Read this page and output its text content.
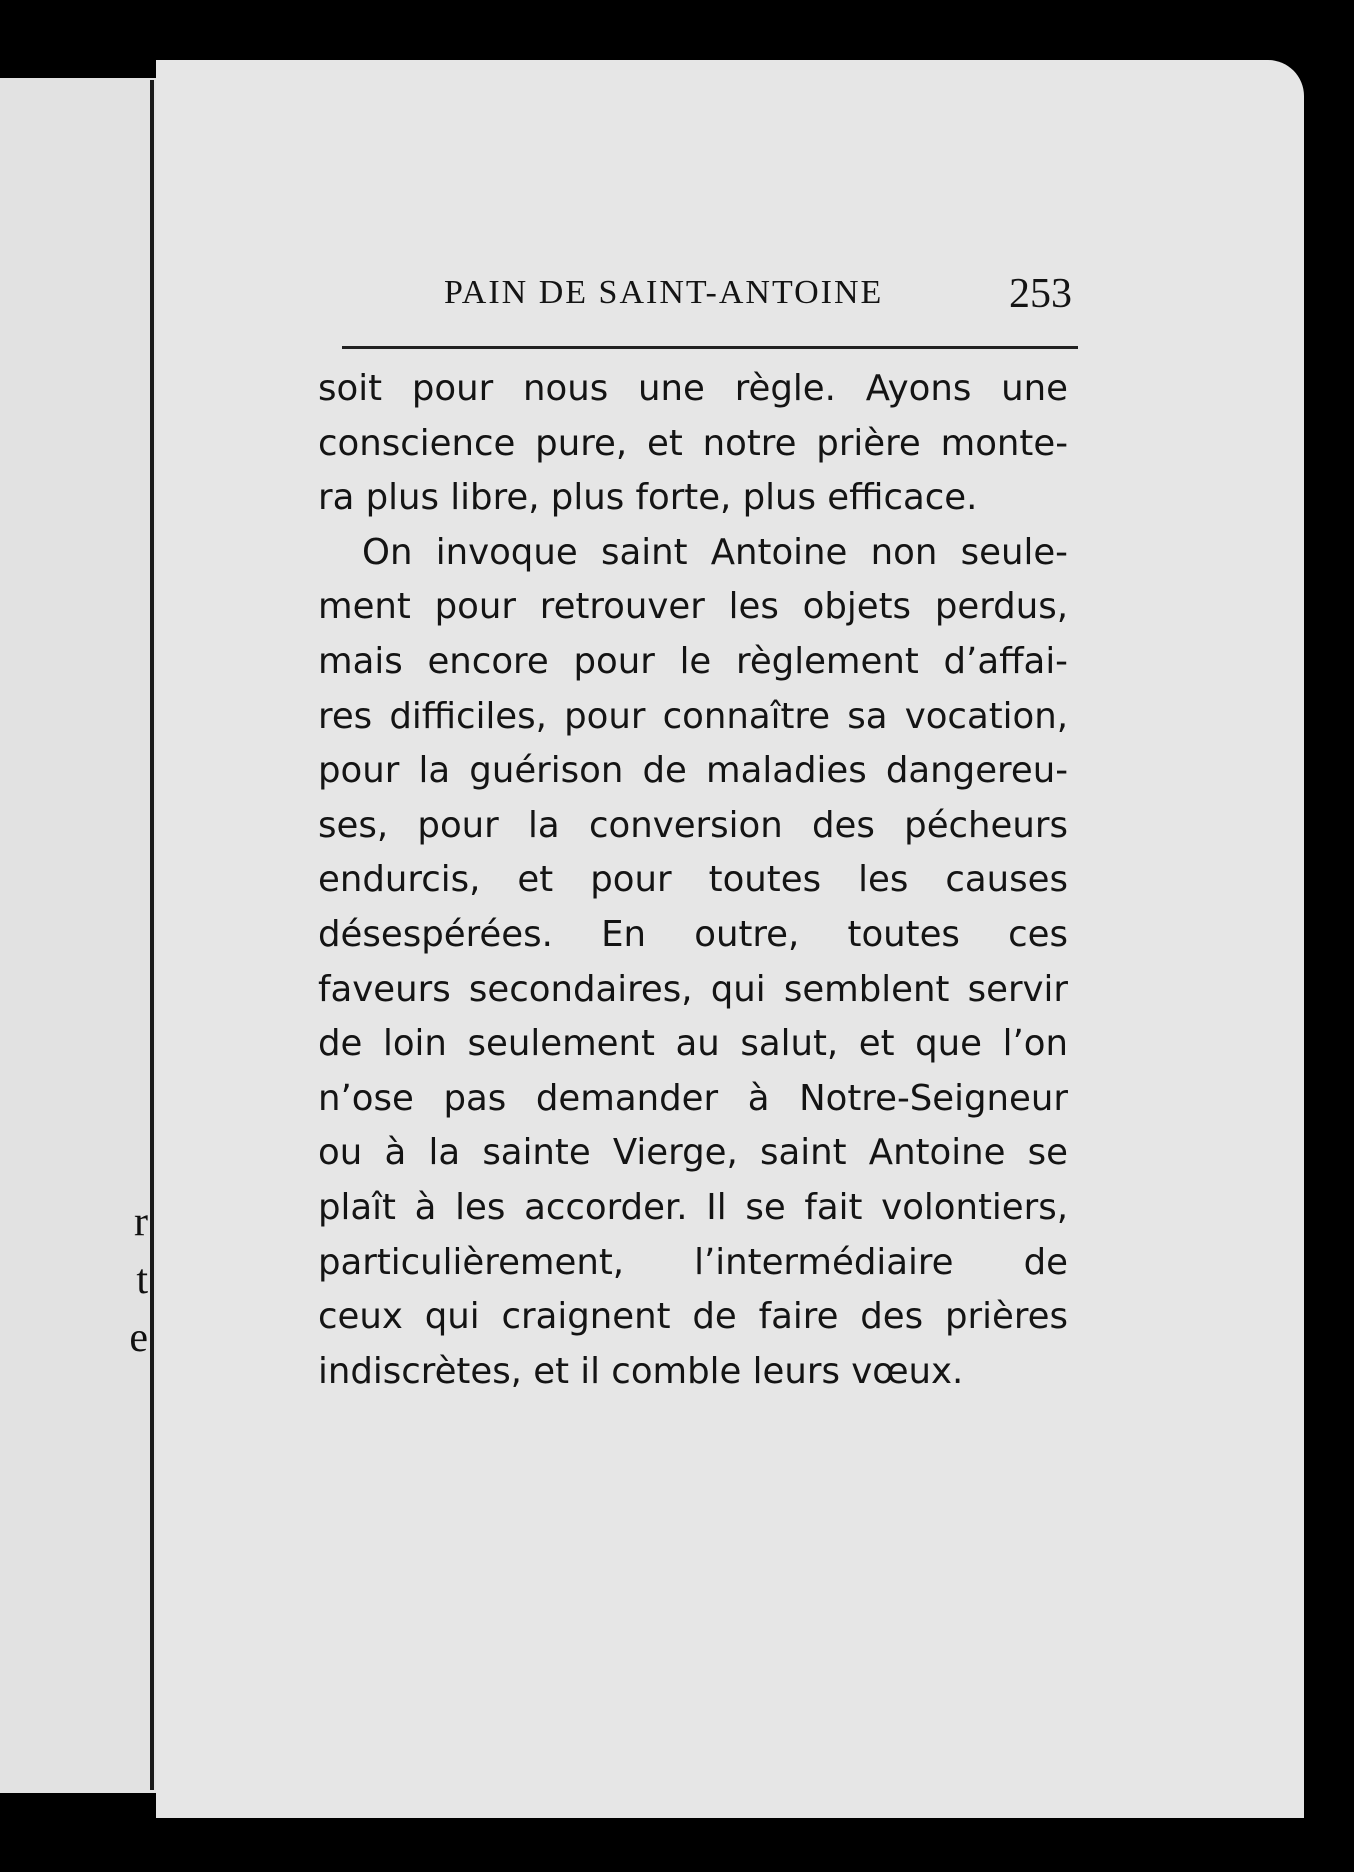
r
t
e
PAIN DE SAINT-ANTOINE	253

soit pour nous une règle. Ayons une
conscience pure, et notre prière monte-
ra plus libre, plus forte, plus efficace.

On invoque saint Antoine non seule-
ment pour retrouver les objets perdus,
mais encore pour le règlement d’affai-
res difficiles, pour connaître sa vocation,
pour la guérison de maladies dangereu-
ses, pour la conversion des pécheurs
endurcis, et pour toutes les causes
désespérées. En outre, toutes ces
faveurs secondaires, qui semblent servir
de loin seulement au salut, et que l’on
n’ose pas demander à Notre-Seigneur
ou à la sainte Vierge, saint Antoine se
plaît à les accorder. Il se fait volontiers,
particulièrement, l’intermédiaire de
ceux qui craignent de faire des prières
indiscrètes, et il comble leurs vœux.
